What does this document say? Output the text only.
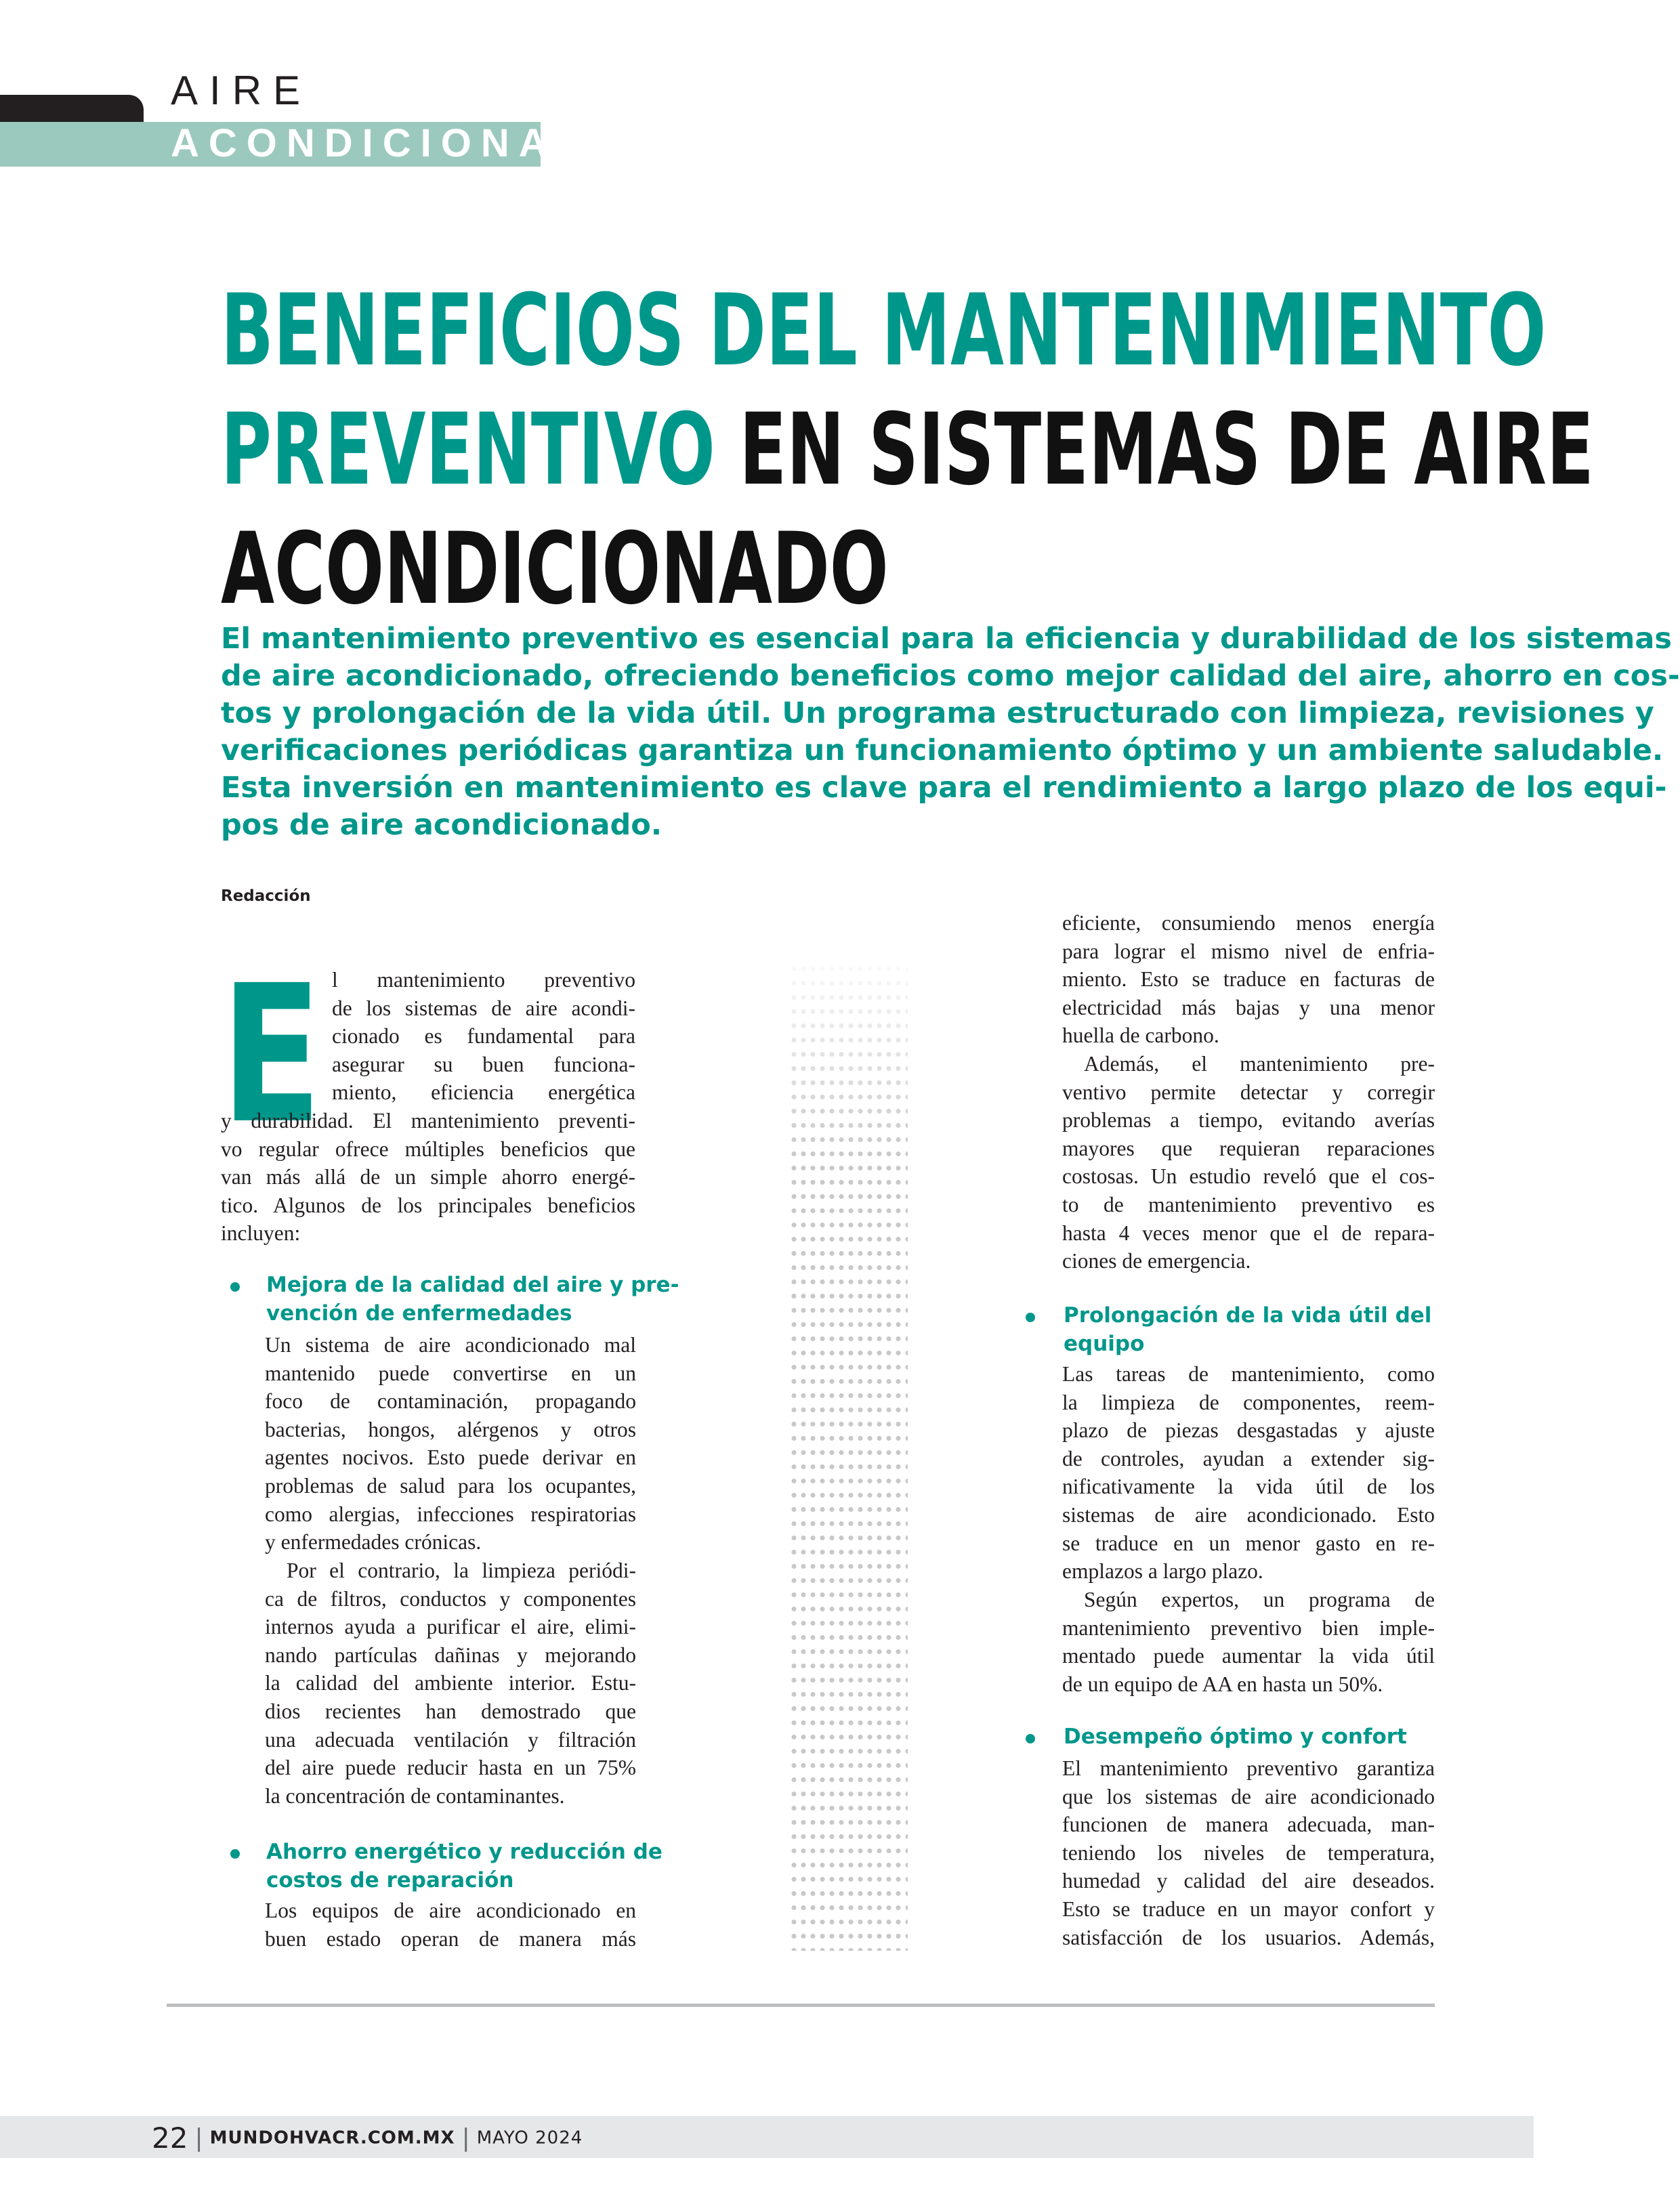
AIRE
ACONDICIONADO
BENEFICIOS DEL MANTENIMIENTO
PREVENTIVO EN SISTEMAS DE AIRE
ACONDICIONADO
El mantenimiento preventivo es esencial para la eficiencia y durabilidad de los sistemas
de aire acondicionado, ofreciendo beneficios como mejor calidad del aire, ahorro en cos-
tos y prolongación de la vida útil. Un programa estructurado con limpieza, revisiones y
verificaciones periódicas garantiza un funcionamiento óptimo y un ambiente saludable.
Esta inversión en mantenimiento es clave para el rendimiento a largo plazo de los equi-
pos de aire acondicionado.
Redacción
E l mantenimiento preventivo
de los sistemas de aire acondi-
cionado es fundamental para
asegurar su buen funciona-
miento, eficiencia energética
y durabilidad. El mantenimiento preventi-
vo regular ofrece múltiples beneficios que
van más allá de un simple ahorro energé-
tico. Algunos de los principales beneficios
incluyen:
Mejora de la calidad del aire y pre-
vención de enfermedades
Un sistema de aire acondicionado mal
mantenido puede convertirse en un
foco de contaminación, propagando
bacterias, hongos, alérgenos y otros
agentes nocivos. Esto puede derivar en
problemas de salud para los ocupantes,
como alergias, infecciones respiratorias
y enfermedades crónicas.
Por el contrario, la limpieza periódi-
ca de filtros, conductos y componentes
internos ayuda a purificar el aire, elimi-
nando partículas dañinas y mejorando
la calidad del ambiente interior. Estu-
dios recientes han demostrado que
una adecuada ventilación y filtración
del aire puede reducir hasta en un 75%
la concentración de contaminantes.
Ahorro energético y reducción de
costos de reparación
Los equipos de aire acondicionado en
buen estado operan de manera más
eficiente, consumiendo menos energía
para lograr el mismo nivel de enfria-
miento. Esto se traduce en facturas de
electricidad más bajas y una menor
huella de carbono.
Además, el mantenimiento pre-
ventivo permite detectar y corregir
problemas a tiempo, evitando averías
mayores que requieran reparaciones
costosas. Un estudio reveló que el cos-
to de mantenimiento preventivo es
hasta 4 veces menor que el de repara-
ciones de emergencia.
Prolongación de la vida útil del
equipo
Las tareas de mantenimiento, como
la limpieza de componentes, reem-
plazo de piezas desgastadas y ajuste
de controles, ayudan a extender sig-
nificativamente la vida útil de los
sistemas de aire acondicionado. Esto
se traduce en un menor gasto en re-
emplazos a largo plazo.
Según expertos, un programa de
mantenimiento preventivo bien imple-
mentado puede aumentar la vida útil
de un equipo de AA en hasta un 50%.
Desempeño óptimo y confort
El mantenimiento preventivo garantiza
que los sistemas de aire acondicionado
funcionen de manera adecuada, man-
teniendo los niveles de temperatura,
humedad y calidad del aire deseados.
Esto se traduce en un mayor confort y
satisfacción de los usuarios. Además,
22 | MUNDOHVACR.COM.MX | MAYO 2024
